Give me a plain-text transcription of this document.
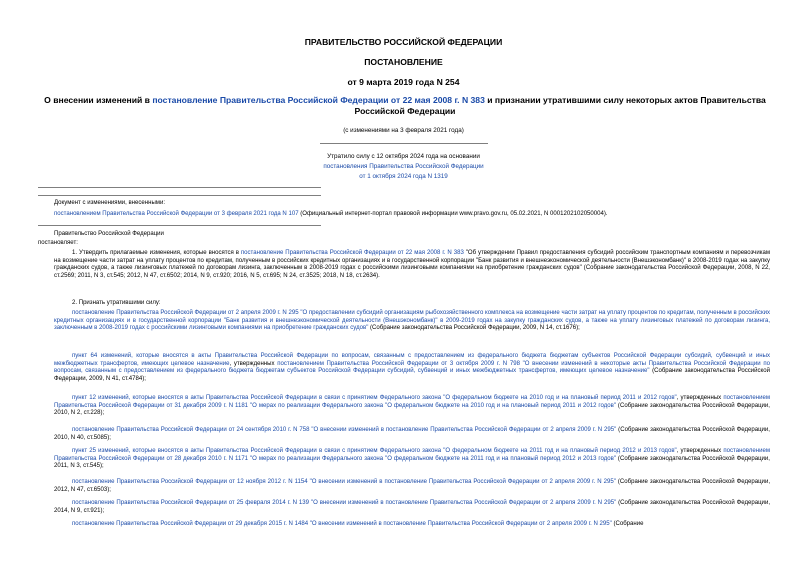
ПРАВИТЕЛЬСТВО РОССИЙСКОЙ ФЕДЕРАЦИИ
ПОСТАНОВЛЕНИЕ
от 9 марта 2019 года N 254
О внесении изменений в постановление Правительства Российской Федерации от 22 мая 2008 г. N 383 и признании утратившими силу некоторых актов Правительства Российской Федерации
(с изменениями на 3 февраля 2021 года)
Утратило силу с 12 октября 2024 года на основании
постановления Правительства Российской Федерации
от 1 октября 2024 года N 1319
Документ с изменениями, внесенными:
постановлением Правительства Российской Федерации от 3 февраля 2021 года N 107 (Официальный интернет-портал правовой информации www.pravo.gov.ru, 05.02.2021, N 0001202102050004).
Правительство Российской Федерации
постановляет:
1. Утвердить прилагаемые изменения, которые вносятся в постановление Правительства Российской Федерации от 22 мая 2008 г. N 383 "Об утверждении Правил предоставления субсидий российским транспортным компаниям и перевозчикам на возмещение части затрат на уплату процентов по кредитам, полученным в российских кредитных организациях и в государственной корпорации "Банк развития и внешнеэкономической деятельности (Внешэкономбанк)" в 2008-2019 годах на закупку гражданских судов, а также лизинговых платежей по договорам лизинга, заключенным в 2008-2019 годах с российскими лизинговыми компаниями на приобретение гражданских судов" (Собрание законодательства Российской Федерации, 2008, N 22, ст.2569; 2011, N 3, ст.545; 2012, N 47, ст.6502; 2014, N 9, ст.920; 2016, N 5, ст.695; N 24, ст.3525; 2018, N 18, ст.2634).
2. Признать утратившими силу:
постановление Правительства Российской Федерации от 2 апреля 2009 г. N 295 "О предоставлении субсидий организациям рыбохозяйственного комплекса на возмещение части затрат на уплату процентов по кредитам, полученным в российских кредитных организациях и в государственной корпорации "Банк развития и внешнеэкономической деятельности (Внешэкономбанк)" в 2009-2019 годах на закупку гражданских судов, а также на уплату лизинговых платежей по договорам лизинга, заключенным в 2008-2019 годах с российскими лизинговыми компаниями на приобретение гражданских судов" (Собрание законодательства Российской Федерации, 2009, N 14, ст.1676);
пункт 64 изменений, которые вносятся в акты Правительства Российской Федерации по вопросам, связанным с предоставлением из федерального бюджета бюджетам субъектов Российской Федерации субсидий, субвенций и иных межбюджетных трансфертов, имеющих целевое назначение, утвержденных постановлением Правительства Российской Федерации от 3 октября 2009 г. N 798 "О внесении изменений в некоторые акты Правительства Российской Федерации по вопросам, связанным с предоставлением из федерального бюджета бюджетам субъектов Российской Федерации субсидий, субвенций и иных межбюджетных трансфертов, имеющих целевое назначение" (Собрание законодательства Российской Федерации, 2009, N 41, ст.4784);
пункт 12 изменений, которые вносятся в акты Правительства Российской Федерации в связи с принятием Федерального закона "О федеральном бюджете на 2010 год и на плановый период 2011 и 2012 годов", утвержденных постановлением Правительства Российской Федерации от 31 декабря 2009 г. N 1181 "О мерах по реализации Федерального закона "О федеральном бюджете на 2010 год и на плановый период 2011 и 2012 годов" (Собрание законодательства Российской Федерации, 2010, N 2, ст.228);
постановление Правительства Российской Федерации от 24 сентября 2010 г. N 758 "О внесении изменений в постановление Правительства Российской Федерации от 2 апреля 2009 г. N 295" (Собрание законодательства Российской Федерации, 2010, N 40, ст.5085);
пункт 25 изменений, которые вносятся в акты Правительства Российской Федерации в связи с принятием Федерального закона "О федеральном бюджете на 2011 год и на плановый период 2012 и 2013 годов", утвержденных постановлением Правительства Российской Федерации от 28 декабря 2010 г. N 1171 "О мерах по реализации Федерального закона "О федеральном бюджете на 2011 год и на плановый период 2012 и 2013 годов" (Собрание законодательства Российской Федерации, 2011, N 3, ст.545);
постановление Правительства Российской Федерации от 12 ноября 2012 г. N 1154 "О внесении изменений в постановление Правительства Российской Федерации от 2 апреля 2009 г. N 295" (Собрание законодательства Российской Федерации, 2012, N 47, ст.6503);
постановление Правительства Российской Федерации от 25 февраля 2014 г. N 139 "О внесении изменений в постановление Правительства Российской Федерации от 2 апреля 2009 г. N 295" (Собрание законодательства Российской Федерации, 2014, N 9, ст.921);
постановление Правительства Российской Федерации от 29 декабря 2015 г. N 1484 "О внесении изменений в постановление Правительства Российской Федерации от 2 апреля 2009 г. N 295" (Собрание
